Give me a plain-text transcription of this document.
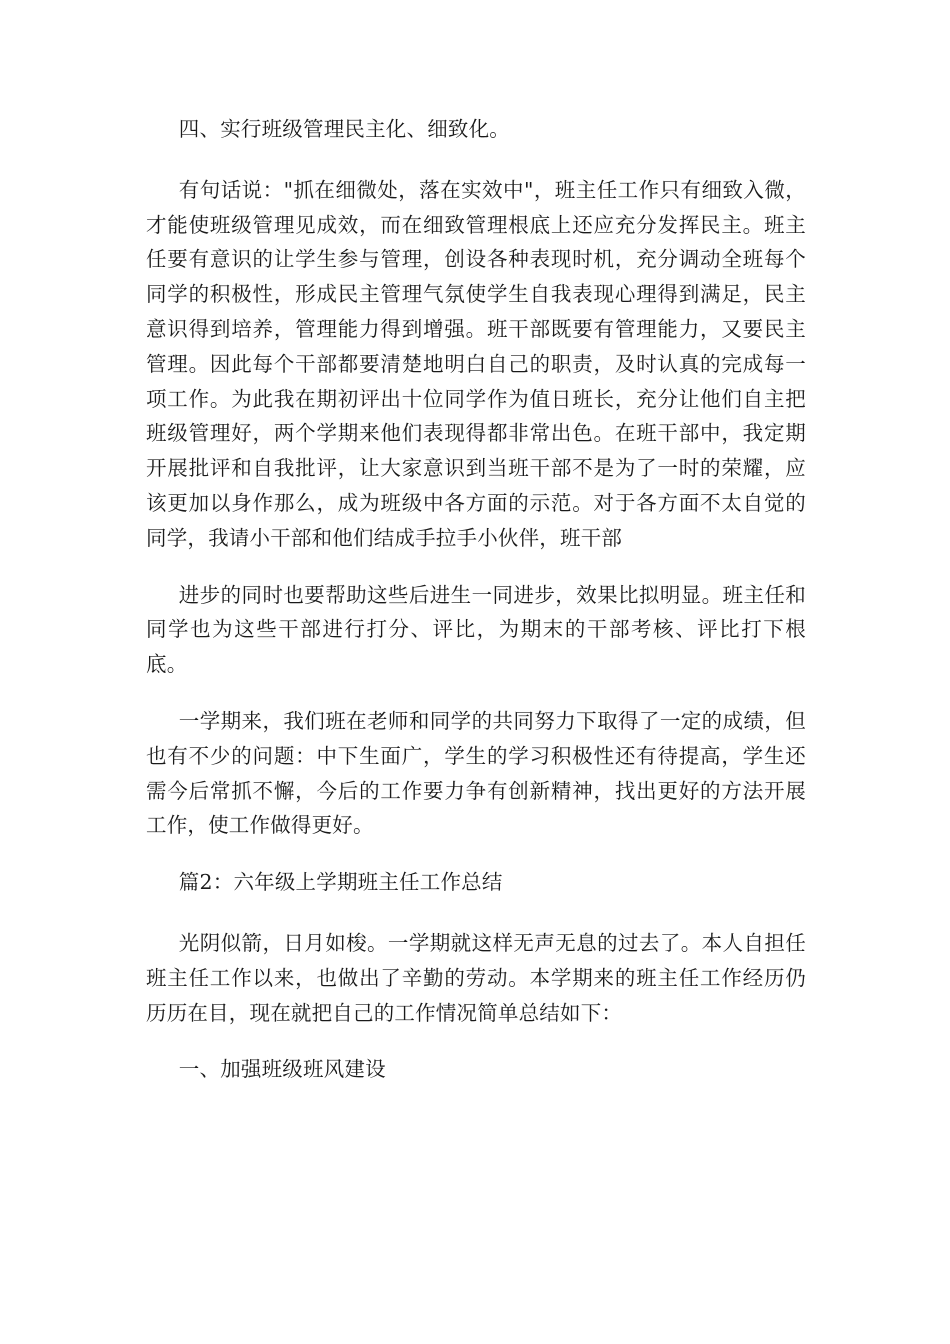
四、实行班级管理民主化、细致化。

有句话说："抓在细微处，落在实效中"，班主任工作只有细致入微，才能使班级管理见成效，而在细致管理根底上还应充分发挥民主。班主任要有意识的让学生参与管理，创设各种表现时机，充分调动全班每个同学的积极性，形成民主管理气氛使学生自我表现心理得到满足，民主意识得到培养，管理能力得到增强。班干部既要有管理能力，又要民主管理。因此每个干部都要清楚地明白自己的职责，及时认真的完成每一项工作。为此我在期初评出十位同学作为值日班长，充分让他们自主把班级管理好，两个学期来他们表现得都非常出色。在班干部中，我定期开展批评和自我批评，让大家意识到当班干部不是为了一时的荣耀，应该更加以身作那么，成为班级中各方面的示范。对于各方面不太自觉的同学，我请小干部和他们结成手拉手小伙伴，班干部

进步的同时也要帮助这些后进生一同进步，效果比拟明显。班主任和同学也为这些干部进行打分、评比，为期末的干部考核、评比打下根底。

一学期来，我们班在老师和同学的共同努力下取得了一定的成绩，但也有不少的问题：中下生面广，学生的学习积极性还有待提高，学生还需今后常抓不懈，今后的工作要力争有创新精神，找出更好的方法开展工作，使工作做得更好。

篇2：六年级上学期班主任工作总结

光阴似箭，日月如梭。一学期就这样无声无息的过去了。本人自担任班主任工作以来，也做出了辛勤的劳动。本学期来的班主任工作经历仍历历在目，现在就把自己的工作情况简单总结如下：

一、加强班级班风建设
